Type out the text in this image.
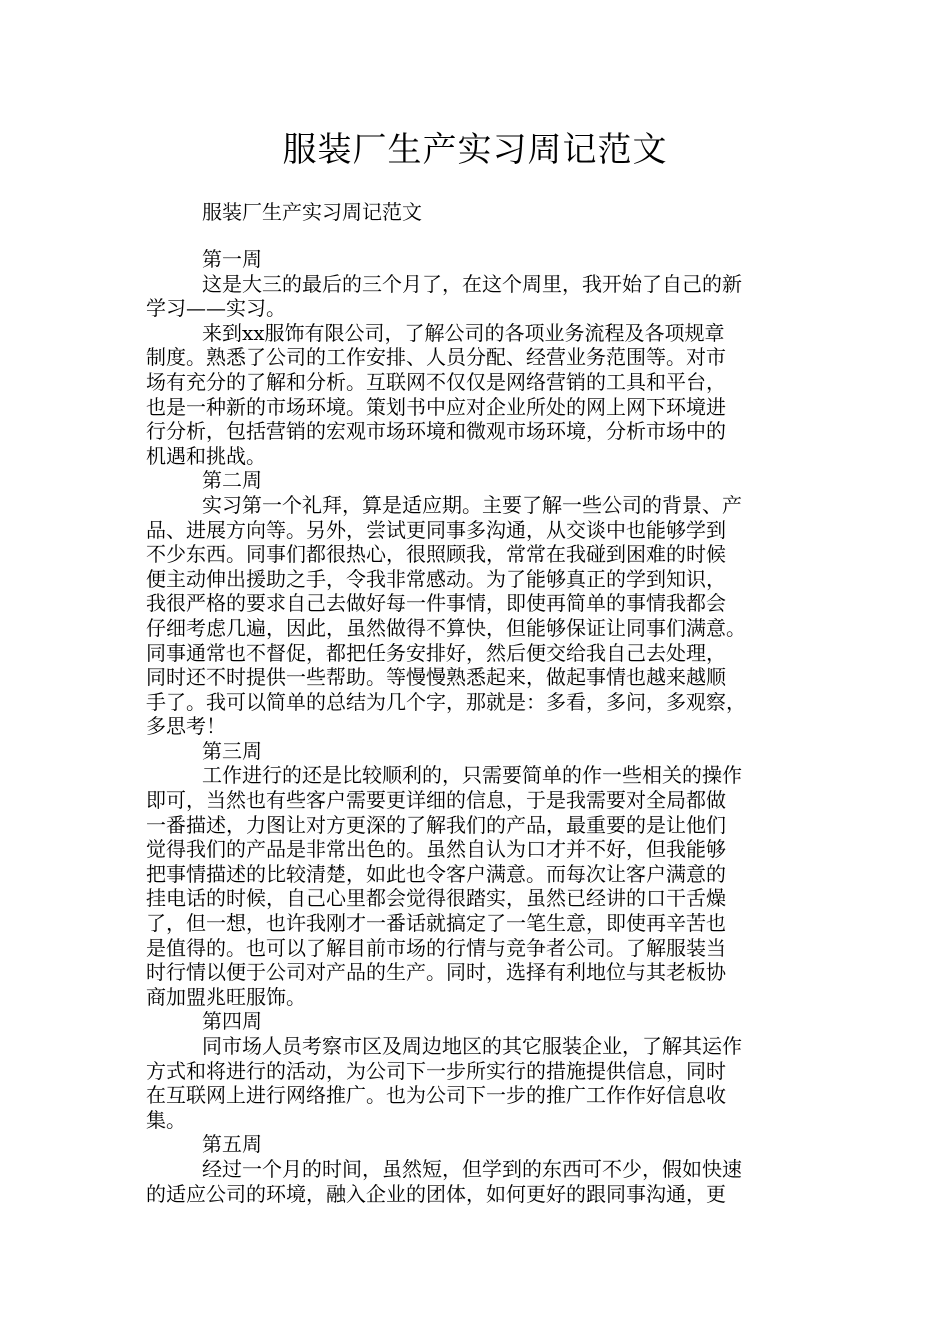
服装厂生产实习周记范文
服装厂生产实习周记范文
第一周
这是大三的最后的三个月了，在这个周里，我开始了自己的新
学习——实习。
来到xx服饰有限公司，了解公司的各项业务流程及各项规章
制度。熟悉了公司的工作安排、人员分配、经营业务范围等。对市
场有充分的了解和分析。互联网不仅仅是网络营销的工具和平台，
也是一种新的市场环境。策划书中应对企业所处的网上网下环境进
行分析，包括营销的宏观市场环境和微观市场环境，分析市场中的
机遇和挑战。
第二周
实习第一个礼拜，算是适应期。主要了解一些公司的背景、产
品、进展方向等。另外，尝试更同事多沟通，从交谈中也能够学到
不少东西。同事们都很热心，很照顾我，常常在我碰到困难的时候
便主动伸出援助之手，令我非常感动。为了能够真正的学到知识，
我很严格的要求自己去做好每一件事情，即使再简单的事情我都会
仔细考虑几遍，因此，虽然做得不算快，但能够保证让同事们满意。
同事通常也不督促，都把任务安排好，然后便交给我自己去处理，
同时还不时提供一些帮助。等慢慢熟悉起来，做起事情也越来越顺
手了。我可以简单的总结为几个字，那就是：多看，多问，多观察，
多思考！
第三周
工作进行的还是比较顺利的，只需要简单的作一些相关的操作
即可，当然也有些客户需要更详细的信息，于是我需要对全局都做
一番描述，力图让对方更深的了解我们的产品，最重要的是让他们
觉得我们的产品是非常出色的。虽然自认为口才并不好，但我能够
把事情描述的比较清楚，如此也令客户满意。而每次让客户满意的
挂电话的时候，自己心里都会觉得很踏实，虽然已经讲的口干舌燥
了，但一想，也许我刚才一番话就搞定了一笔生意，即使再辛苦也
是值得的。也可以了解目前市场的行情与竞争者公司。了解服装当
时行情以便于公司对产品的生产。同时，选择有利地位与其老板协
商加盟兆旺服饰。
第四周
同市场人员考察市区及周边地区的其它服装企业，了解其运作
方式和将进行的活动，为公司下一步所实行的措施提供信息，同时
在互联网上进行网络推广。也为公司下一步的推广工作作好信息收
集。
第五周
经过一个月的时间，虽然短，但学到的东西可不少，假如快速
的适应公司的环境，融入企业的团体，如何更好的跟同事沟通，更
